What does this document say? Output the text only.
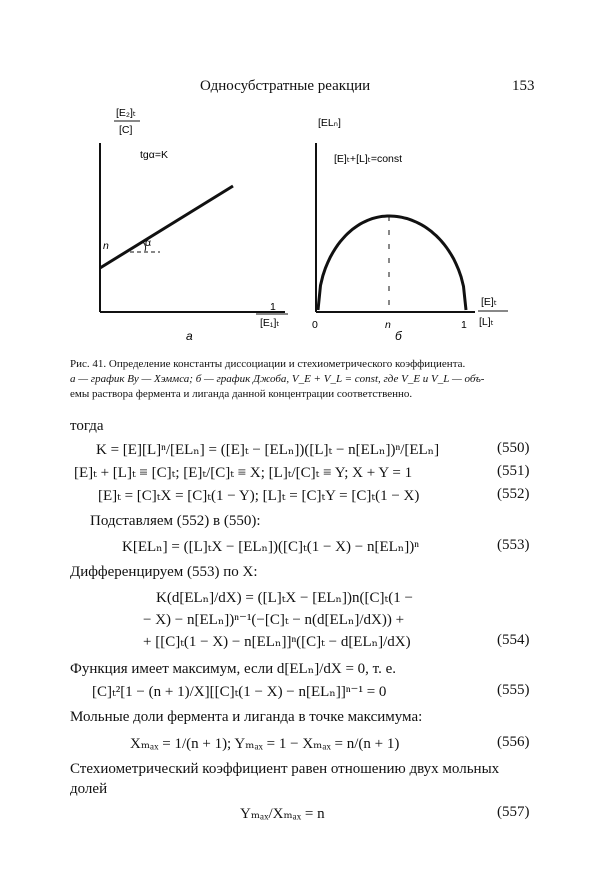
Односубстратные реакции	153
[E₂]ₜ
[C]
tgα=K
n	α
1
[E₁]ₜ
а
[ELₙ]
[E]ₜ+[L]ₜ=const
0	n	1
[E]ₜ
[L]ₜ
б
Рис. 41. Определение константы диссоциации и стехиометрического коэффициента.
а — график Ву — Хэммса; б — график Джоба, V_E + V_L = const, где V_E и V_L — объ-
емы раствора фермента и лиганда данной концентрации соответственно.
тогда
K = [E][L]ⁿ/[ELₙ] = ([E]ₜ − [ELₙ])([L]ₜ − n[ELₙ])ⁿ/[ELₙ]	(550)
[E]ₜ + [L]ₜ ≡ [C]ₜ; [E]ₜ/[C]ₜ ≡ X; [L]ₜ/[C]ₜ ≡ Y; X + Y = 1	(551)
[E]ₜ = [C]ₜX = [C]ₜ(1 − Y); [L]ₜ = [C]ₜY = [C]ₜ(1 − X)	(552)
Подставляем (552) в (550):
K[ELₙ] = ([L]ₜX − [ELₙ])([C]ₜ(1 − X) − n[ELₙ])ⁿ	(553)
Дифференцируем (553) по X:
K(d[ELₙ]/dX) = ([L]ₜX − [ELₙ])n([C]ₜ(1 −
− X) − n[ELₙ])ⁿ⁻¹(−[C]ₜ − n(d[ELₙ]/dX)) +
+ [[C]ₜ(1 − X) − n[ELₙ]]ⁿ([C]ₜ − d[ELₙ]/dX)	(554)
Функция имеет максимум, если d[ELₙ]/dX = 0, т. е.
[C]ₜ²[1 − (n + 1)/X][[C]ₜ(1 − X) − n[ELₙ]]ⁿ⁻¹ = 0	(555)
Мольные доли фермента и лиганда в точке максимума:
Xₘₐₓ = 1/(n + 1); Yₘₐₓ = 1 − Xₘₐₓ = n/(n + 1)	(556)
Стехиометрический коэффициент равен отношению двух мольных
долей
Yₘₐₓ/Xₘₐₓ = n	(557)
